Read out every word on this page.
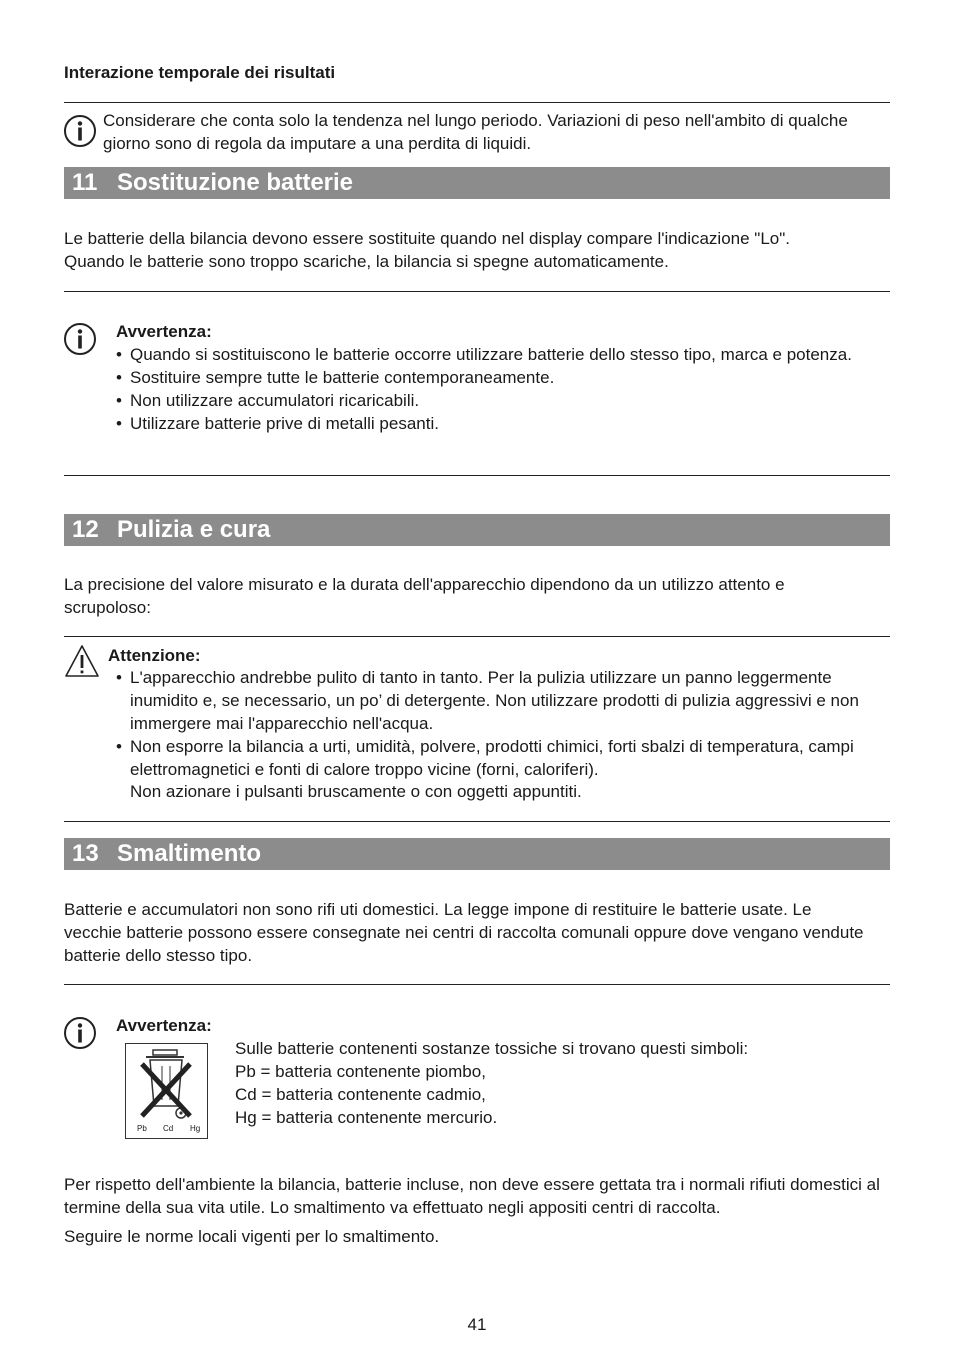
Interazione temporale dei risultati

Considerare che conta solo la tendenza nel lungo periodo. Variazioni di peso nell'ambito di qualche giorno sono di regola da imputare a una perdita di liquidi.

11 Sostituzione batterie

Le batterie della bilancia devono essere sostituite quando nel display compare l'indicazione "Lo". Quando le batterie sono troppo scariche, la bilancia si spegne automaticamente.

Avvertenza:
• Quando si sostituiscono le batterie occorre utilizzare batterie dello stesso tipo, marca e potenza.
• Sostituire sempre tutte le batterie contemporaneamente.
• Non utilizzare accumulatori ricaricabili.
• Utilizzare batterie prive di metalli pesanti.
12 Pulizia e cura

La precisione del valore misurato e la durata dell'apparecchio dipendono da un utilizzo attento e scrupoloso:

Attenzione:
• L'apparecchio andrebbe pulito di tanto in tanto. Per la pulizia utilizzare un panno leggermente inumidito e, se necessario, un po’ di detergente. Non utilizzare prodotti di pulizia aggressivi e non immergere mai l'apparecchio nell'acqua.
• Non esporre la bilancia a urti, umidità, polvere, prodotti chimici, forti sbalzi di temperatura, campi elettromagnetici e fonti di calore troppo vicine (forni, caloriferi).
Non azionare i pulsanti bruscamente o con oggetti appuntiti.
13 Smaltimento

Batterie e accumulatori non sono rifi uti domestici. La legge impone di restituire le batterie usate. Le vecchie batterie possono essere consegnate nei centri di raccolta comunali oppure dove vengano vendute batterie dello stesso tipo.

Avvertenza:
Pb Cd Hg
Sulle batterie contenenti sostanze tossiche si trovano questi simboli:
Pb = batteria contenente piombo,
Cd = batteria contenente cadmio,
Hg = batteria contenente mercurio.

Per rispetto dell'ambiente la bilancia, batterie incluse, non deve essere gettata tra i normali rifiuti domestici al termine della sua vita utile. Lo smaltimento va effettuato negli appositi centri di raccolta.

Seguire le norme locali vigenti per lo smaltimento.

41
